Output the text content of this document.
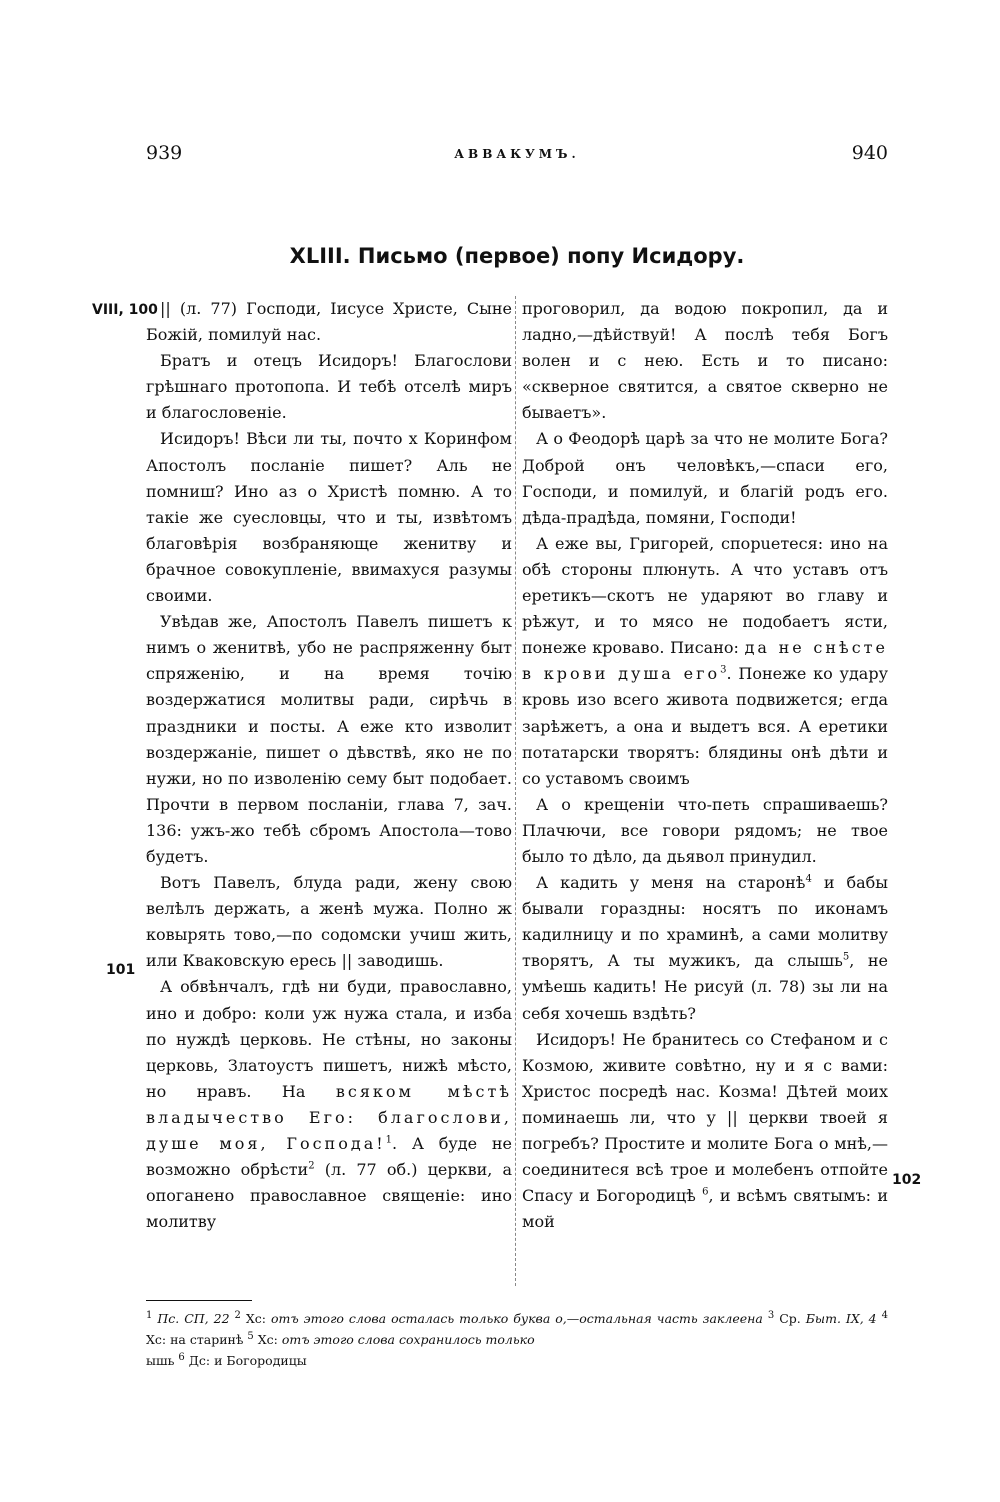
939	АВВАКУМЪ.	940
XLIII. Письмо (первое) попу Исидору.
VIII, 100
101
102

|| (л. 77) Господи, Іисусе Христе, Сыне Божій, помилуй нас.

Братъ и отецъ Исидоръ! Благослови грѣшнаго протопопа. И тебѣ отселѣ миръ и благословеніе.

Исидоръ! Вѣси ли ты, почто х Коринфом Апостолъ посланіе пишет? Аль не помниш? Ино аз о Христѣ помню. А то такіе же суесловцы, что и ты, извѣтомъ благовѣрія возбраняюще женитву и брачное совокупленіе, ввимахуся разумы своими.

Увѣдав же, Апостолъ Павелъ пишетъ к нимъ о женитвѣ, убо не распряженну быт спряженію, и на время точію воздержатися молитвы ради, сирѣчь в праздники и посты. А еже кто изволит воздержаніе, пишет о дѣвствѣ, яко не по нужи, но по изволенію сему быт подобает. Прочти в первом посланіи, глава 7, зач. 136: ужъ-жо тебѣ сбромъ Апостола—тово будетъ.

Вотъ Павелъ, блуда ради, жену свою велѣлъ держать, а женѣ мужа. Полно ж ковырять тово,—по содомски учиш жить, или Кваковскую ересь || заводишь.

А обвѣнчалъ, гдѣ ни буди, православно, ино и добро: коли уж нужа стала, и изба по нуждѣ церковь. Не стѣны, но законы церковь, Златоустъ пишетъ, нижѣ мѣсто, но нравъ. На всяком мѣстѣ владычество Его: благослови, душе моя, Господа!$^1$. А буде не возможно обрѣсти$^2$ (л. 77 об.) церкви, а опоганено православное священіе: ино молитву

проговорил, да водою покропил, да и ладно,—дѣйствуй! А послѣ тебя Богъ волен и с нею. Есть и то писано: «скверное святится, а святое скверно не бываетъ».

А о Феодорѣ царѣ за что не молите Бога? Доброй онъ человѣкъ,—спаси его, Господи, и помилуй, и благій родъ его. дѣда-прадѣда, помяни, Господи!

А еже вы, Григорей, спорuетеся: ино на обѣ стороны плюнуть. А что уставъ отъ еретикъ—скотъ не ударяют во главу и рѣжут, и то мясо не подобаетъ ясти, понеже кроваво. Писано: да не снѣсте в крови душа его$^3$. Понеже ко удару кровь изо всего живота подвижется; егда зарѣжетъ, а она и выдетъ вся. А еретики потатарски творятъ: блядины онѣ дѣти и со уставомъ своимъ

А о крещеніи что-петь спрашиваешь? Плачючи, все говори рядомъ; не твое было то дѣло, да дьявол принудил.

А кадить у меня на старонѣ$^4$ и бабы бывали гораздны: носятъ по иконамъ кадилницу и по храминѣ, а сами молитву творятъ, А ты мужикъ, да слышь$^5$, не умѣешь кадить! Не рисуй (л. 78) зы ли на себя хочешь вздѣть?

Исидоръ! Не бранитесь со Стефаном и с Козмою, живите совѣтно, ну и я с вами: Христос посредѣ нас. Козма! Дѣтей моих поминаешь ли, что у || церкви твоей я погребъ? Простите и молите Бога о мнѣ,—соединитеся всѣ трое и молебенъ отпойте Спасу и Богородицѣ $^6$, и всѣмъ святымъ: и мой

$^1$ Пс. СП, 22 $^2$ Хс: отъ этого слова осталась только буква о,—остальная часть заклеена $^3$ Ср. Быт. IX, 4 $^4$ Хс: на старинѣ $^5$ Хс: отъ этого слова сохранилось только
ышь $^6$ Дс: и Богородицы
